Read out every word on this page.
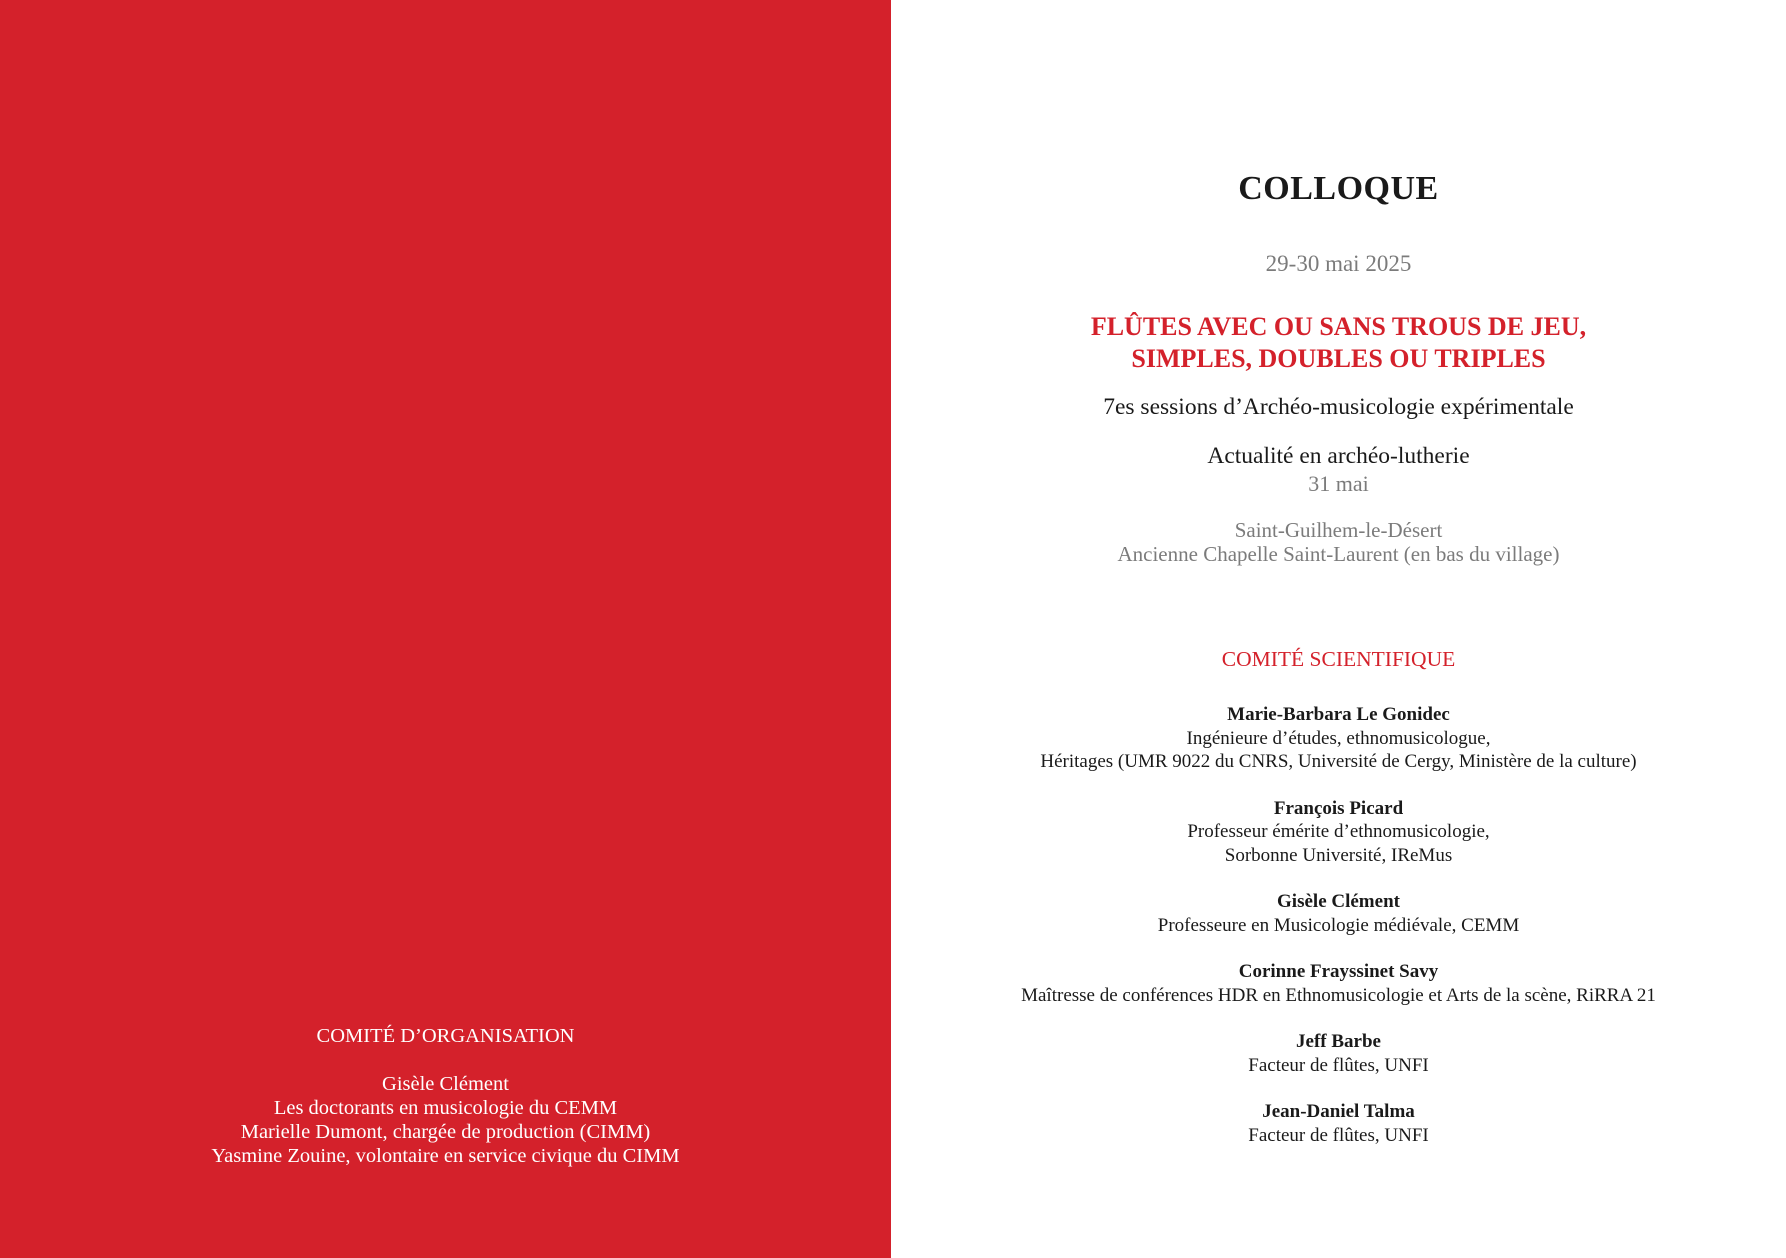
COMITÉ D’ORGANISATION
Gisèle Clément
Les doctorants en musicologie du CEMM
Marielle Dumont, chargée de production (CIMM)
Yasmine Zouine, volontaire en service civique du CIMM
COLLOQUE
29-30 mai 2025
FLÛTES AVEC OU SANS TROUS DE JEU,
SIMPLES, DOUBLES OU TRIPLES
7es sessions d’Archéo-musicologie expérimentale
Actualité en archéo-lutherie
31 mai
Saint-Guilhem-le-Désert
Ancienne Chapelle Saint-Laurent (en bas du village)
COMITÉ SCIENTIFIQUE
Marie-Barbara Le Gonidec
Ingénieure d’études, ethnomusicologue,
Héritages (UMR 9022 du CNRS, Université de Cergy, Ministère de la culture)
François Picard
Professeur émérite d’ethnomusicologie,
Sorbonne Université, IReMus
Gisèle Clément
Professeure en Musicologie médiévale, CEMM
Corinne Frayssinet Savy
Maîtresse de conférences HDR en Ethnomusicologie et Arts de la scène, RiRRA 21
Jeff Barbe
Facteur de flûtes, UNFI
Jean-Daniel Talma
Facteur de flûtes, UNFI
